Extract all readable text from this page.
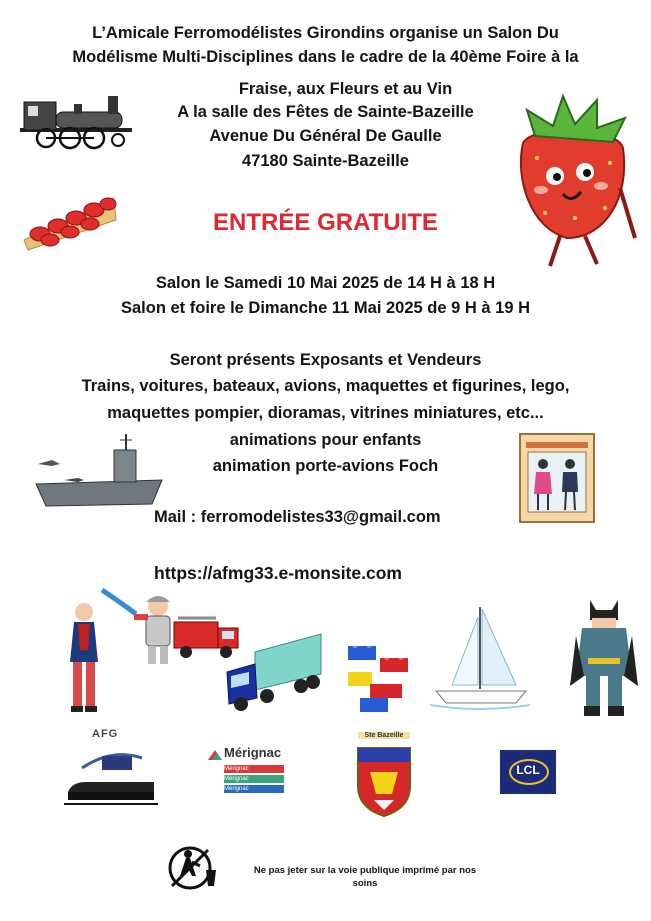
L’Amicale Ferromodélistes Girondins organise un Salon Du
Modélisme Multi-Disciplines dans le cadre de la 40ème Foire à la
Fraise, aux Fleurs et au Vin
A la salle des Fêtes de Sainte-Bazeille
Avenue Du Général De Gaulle
47180 Sainte-Bazeille
ENTRÉE GRATUITE
Salon le Samedi 10 Mai 2025 de 14 H à 18 H
Salon et foire le Dimanche 11 Mai 2025 de 9 H à 19 H
Seront présents Exposants et Vendeurs
Trains, voitures, bateaux, avions, maquettes et figurines, lego,
maquettes pompier, dioramas, vitrines miniatures, etc...
animations pour enfants
animation porte-avions Foch
Mail : ferromodelistes33@gmail.com
https://afmg33.e-monsite.com
AFG
Mérignac
Mérignac
Mérignac
Mérignac
Ste Bazeille
LCL
Ne pas jeter sur la voie publique imprimé par nos
soins
